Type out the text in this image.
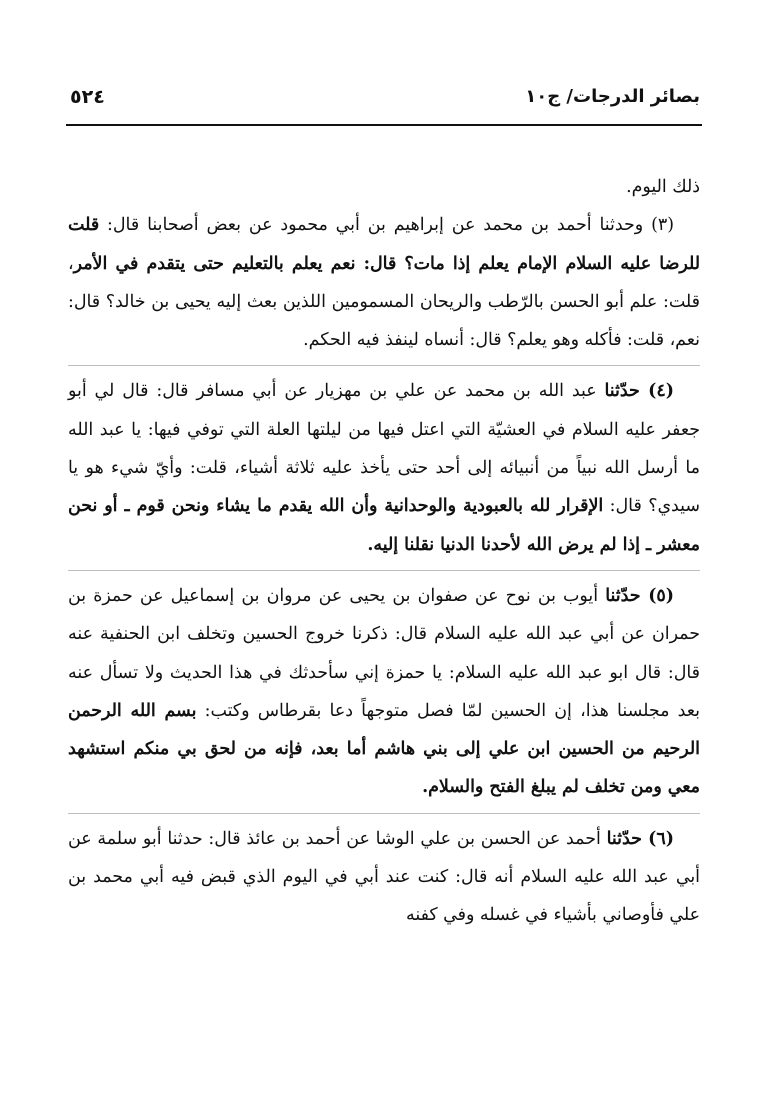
بصائر الدرجات/ ج١٠
٥٢٤

ذلك اليوم.

(٣) وحدثنا أحمد بن محمد عن إبراهيم بن أبي محمود عن بعض أصحابنا قال: قلت للرضا عليه السلام الإمام يعلم إذا مات؟ قال: نعم يعلم بالتعليم حتى يتقدم في الأمر، قلت: علم أبو الحسن بالرّطب والريحان المسمومين اللذين بعث إليه يحيى بن خالد؟ قال: نعم، قلت: فأكله وهو يعلم؟ قال: أنساه لينفذ فيه الحكم.

(٤) حدّثنا عبد الله بن محمد عن علي بن مهزيار عن أبي مسافر قال: قال لي أبو جعفر عليه السلام في العشيّة التي اعتل فيها من ليلتها العلة التي توفي فيها: يا عبد الله ما أرسل الله نبياً من أنبيائه إلى أحد حتى يأخذ عليه ثلاثة أشياء، قلت: وأيّ شيء هو يا سيدي؟ قال: الإقرار لله بالعبودية والوحدانية وأن الله يقدم ما يشاء ونحن قوم ـ أو نحن معشر ـ إذا لم يرض الله لأحدنا الدنيا نقلنا إليه.

(٥) حدّثنا أيوب بن نوح عن صفوان بن يحيى عن مروان بن إسماعيل عن حمزة بن حمران عن أبي عبد الله عليه السلام قال: ذكرنا خروج الحسين وتخلف ابن الحنفية عنه قال: قال ابو عبد الله عليه السلام: يا حمزة إني سأحدثك في هذا الحديث ولا تسأل عنه بعد مجلسنا هذا، إن الحسين لمّا فصل متوجهاً دعا بقرطاس وكتب: بسم الله الرحمن الرحيم من الحسين ابن علي إلى بني هاشم أما بعد، فإنه من لحق بي منكم استشهد معي ومن تخلف لم يبلغ الفتح والسلام.

(٦) حدّثنا أحمد عن الحسن بن علي الوشا عن أحمد بن عائذ قال: حدثنا أبو سلمة عن أبي عبد الله عليه السلام أنه قال: كنت عند أبي في اليوم الذي قبض فيه أبي محمد بن علي فأوصاني بأشياء في غسله وفي كفنه
